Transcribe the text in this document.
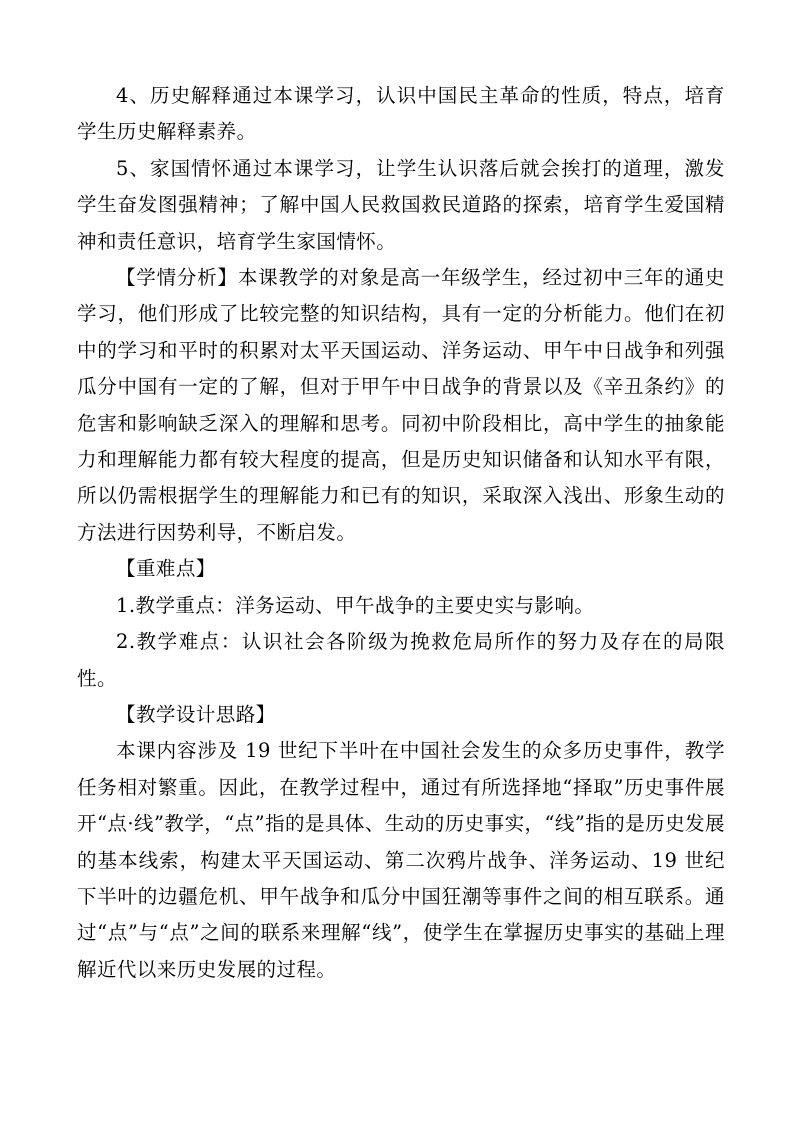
4、历史解释通过本课学习，认识中国民主革命的性质，特点，培育学生历史解释素养。

5、家国情怀通过本课学习，让学生认识落后就会挨打的道理，激发学生奋发图强精神；了解中国人民救国救民道路的探索，培育学生爱国精神和责任意识，培育学生家国情怀。

【学情分析】本课教学的对象是高一年级学生，经过初中三年的通史学习，他们形成了比较完整的知识结构，具有一定的分析能力。他们在初中的学习和平时的积累对太平天国运动、洋务运动、甲午中日战争和列强瓜分中国有一定的了解，但对于甲午中日战争的背景以及《辛丑条约》的危害和影响缺乏深入的理解和思考。同初中阶段相比，高中学生的抽象能力和理解能力都有较大程度的提高，但是历史知识储备和认知水平有限，所以仍需根据学生的理解能力和已有的知识，采取深入浅出、形象生动的方法进行因势利导，不断启发。

【重难点】

1.教学重点：洋务运动、甲午战争的主要史实与影响。

2.教学难点：认识社会各阶级为挽救危局所作的努力及存在的局限性。

【教学设计思路】

本课内容涉及 19 世纪下半叶在中国社会发生的众多历史事件，教学任务相对繁重。因此，在教学过程中，通过有所选择地“择取”历史事件展开“点·线”教学，“点”指的是具体、生动的历史事实，“线”指的是历史发展的基本线索，构建太平天国运动、第二次鸦片战争、洋务运动、19 世纪下半叶的边疆危机、甲午战争和瓜分中国狂潮等事件之间的相互联系。通过“点”与“点”之间的联系来理解“线”，使学生在掌握历史事实的基础上理解近代以来历史发展的过程。
